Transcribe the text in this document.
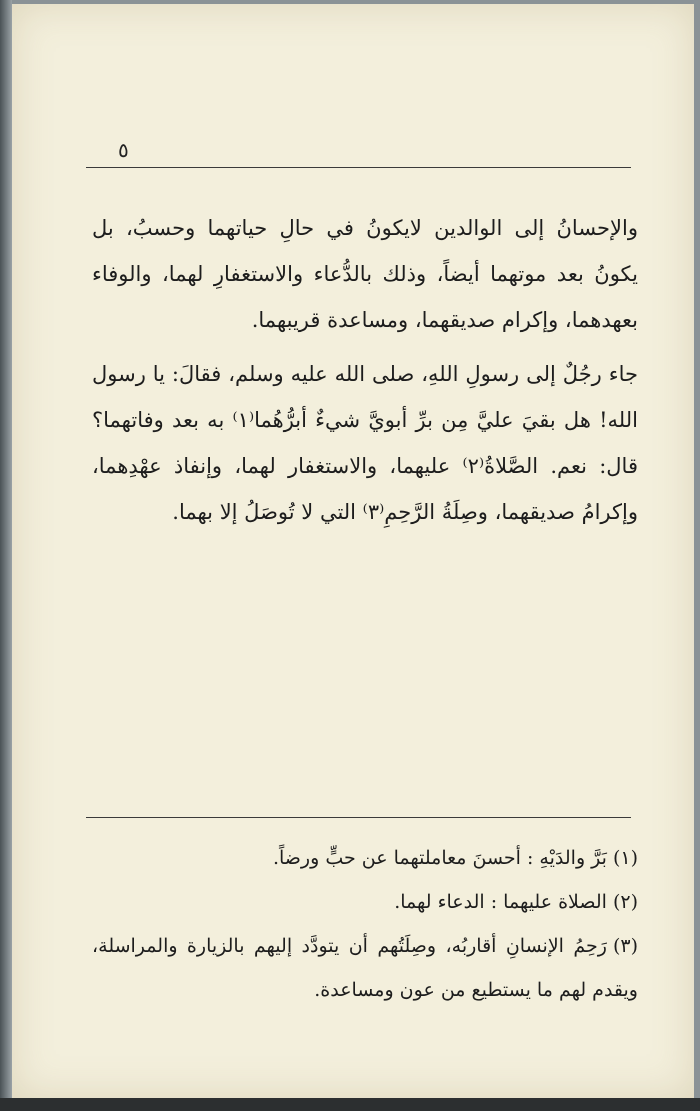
٥

والإحسانُ إلى الوالدين لايكونُ في حالِ حياتهما وحسبُ، بل يكونُ بعد موتهما أيضاً، وذلك بالدُّعاء والاستغفارِ لهما، والوفاء بعهدهما، وإكرام صديقهما، ومساعدة قريبهما.

جاء رجُلٌ إلى رسولِ اللهِ، صلى الله عليه وسلم، فقالَ: يا رسول الله! هل بقيَ عليَّ مِن برِّ أبويَّ شيءٌ أبرُّهُما⁽١⁾ به بعد وفاتهما؟ قال: نعم. الصَّلاةُ⁽٢⁾ عليهما، والاستغفار لهما، وإنفاذ عهْدِهما، وإكرامُ صديقهما، وصِلَةُ الرَّحِمِ⁽٣⁾ التي لا تُوصَلُ إلا بهما.

(١)بَرَّ والدَيْهِ : أحسنَ معاملتهما عن حبٍّ ورضاً.

(٢)الصلاة عليهما : الدعاء لهما.

(٣)رَحِمُ الإنسانِ أقاربُه، وصِلَتُهم أن يتودَّد إليهم بالزيارة والمراسلة، ويقدم لهم ما يستطيع من عون ومساعدة.
